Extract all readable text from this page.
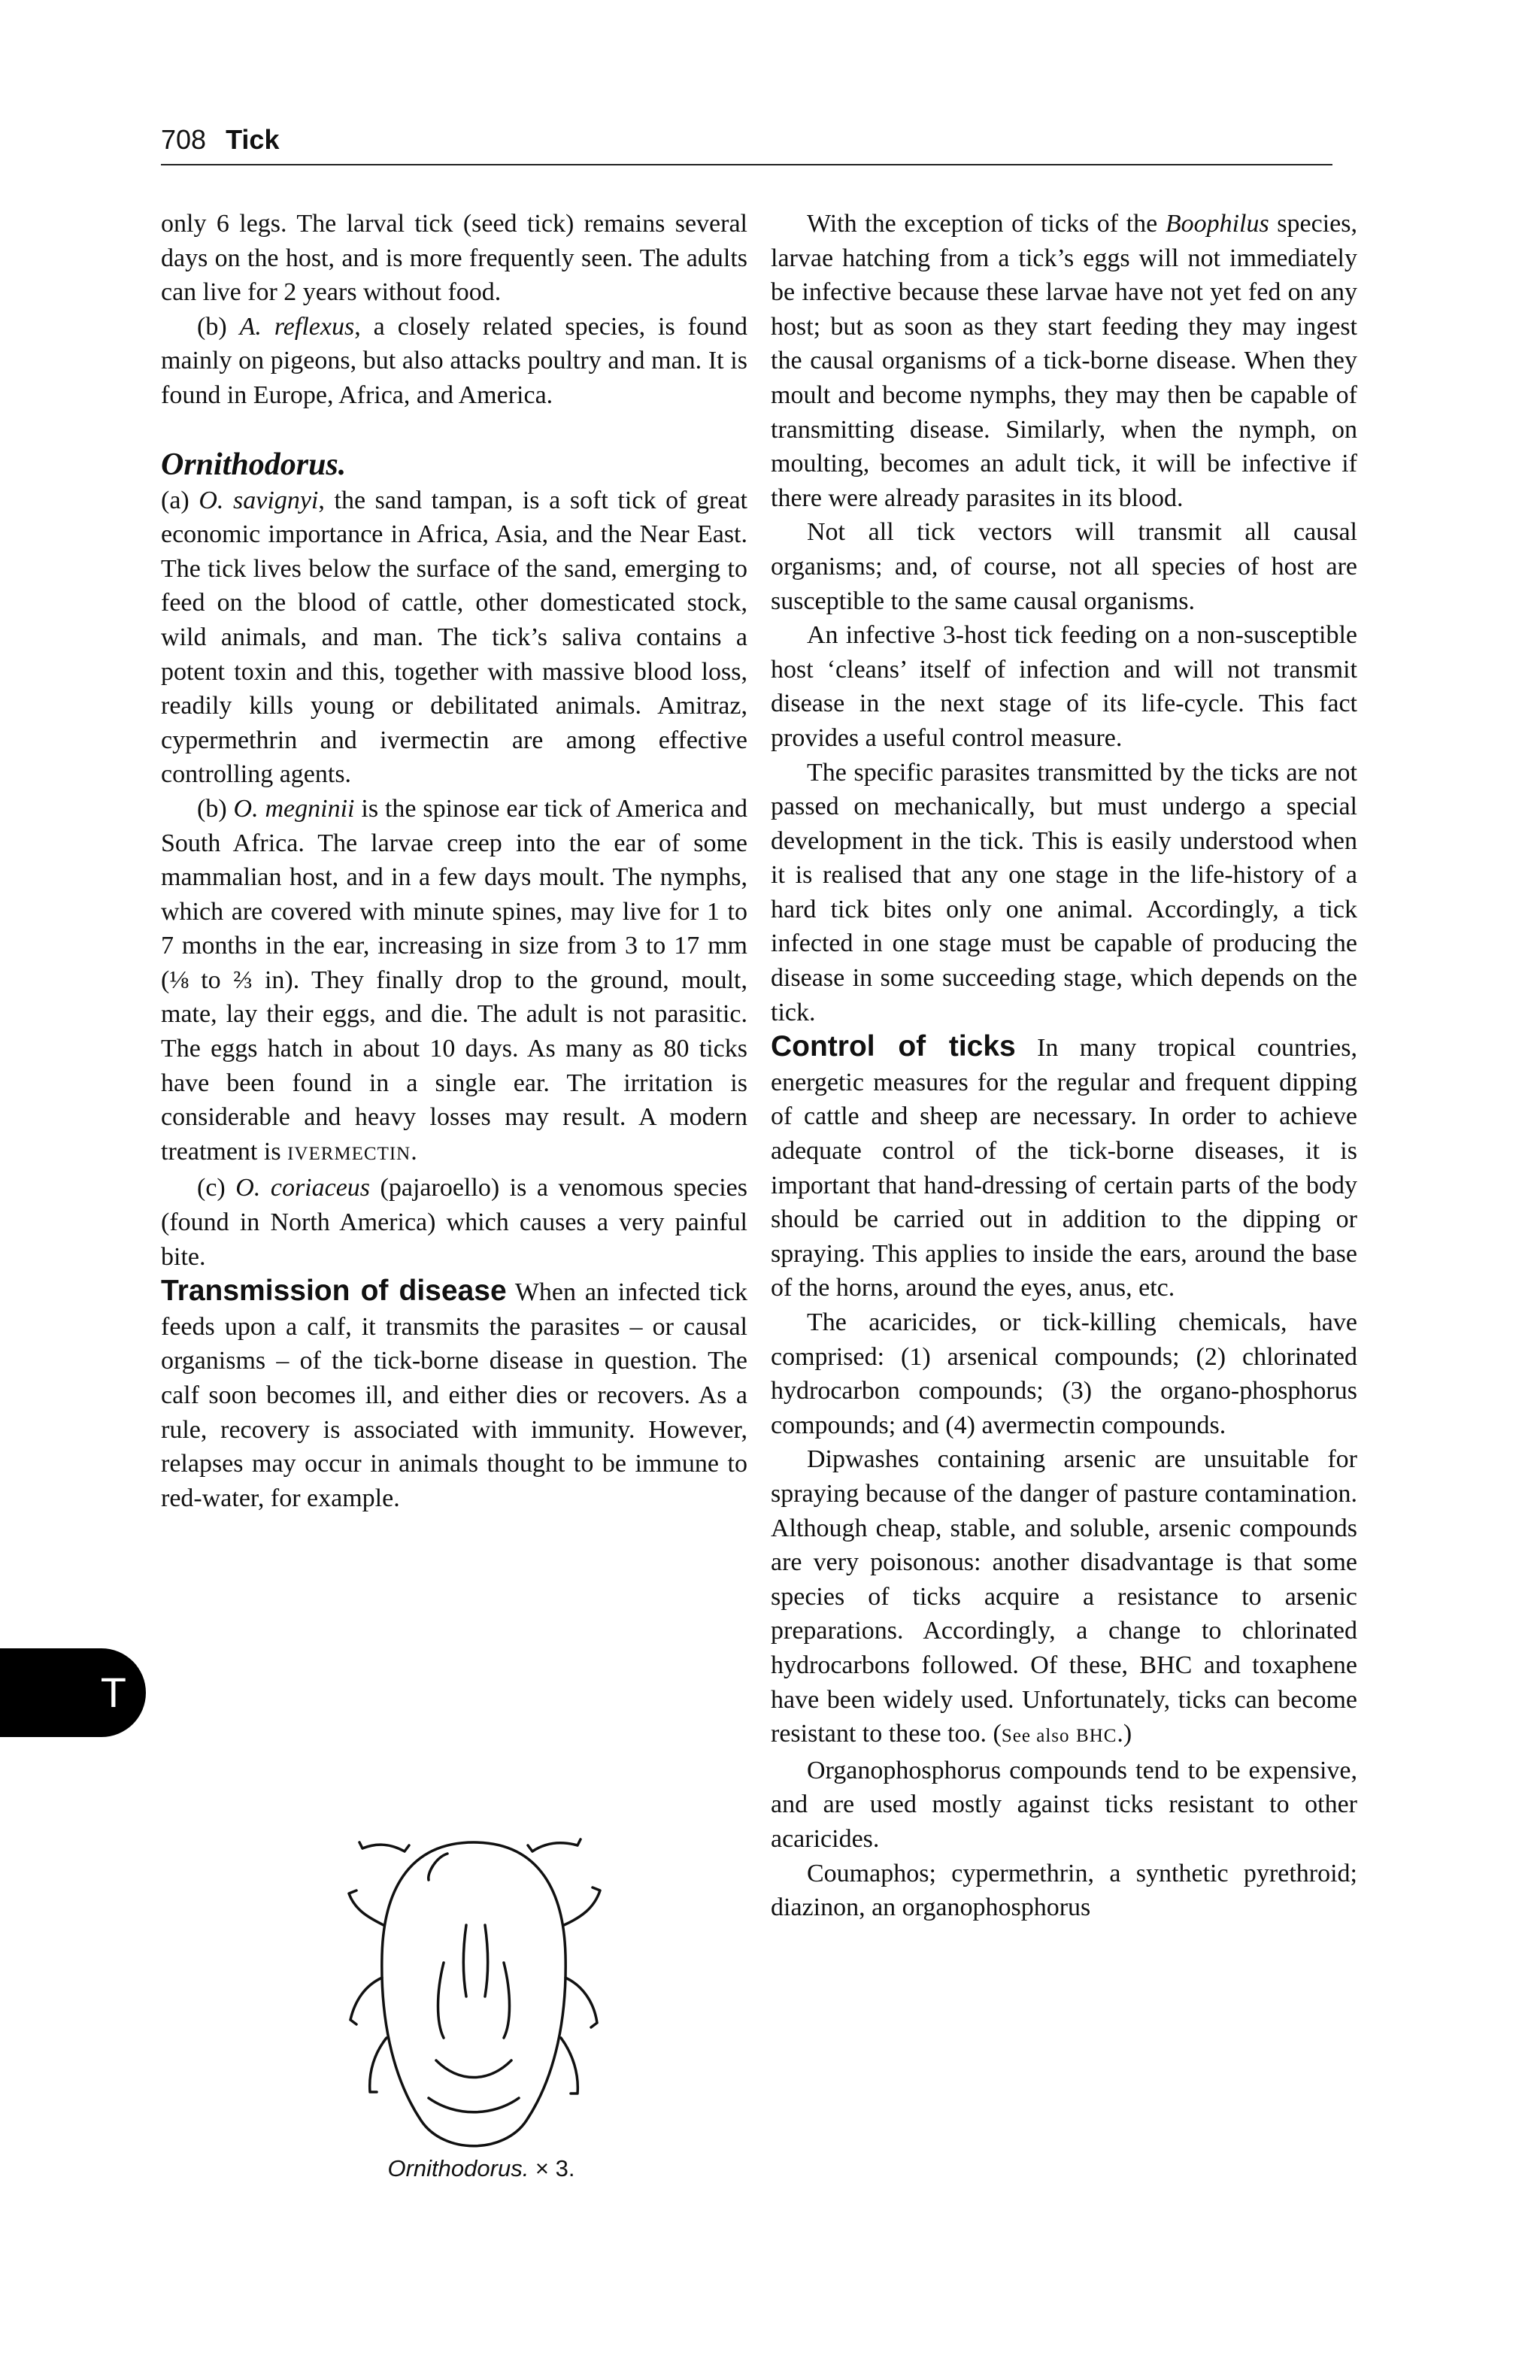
708 Tick

only 6 legs. The larval tick (seed tick) remains several days on the host, and is more frequently seen. The adults can live for 2 years without food.

(b) A. reflexus, a closely related species, is found mainly on pigeons, but also attacks poultry and man. It is found in Europe, Africa, and America.

Ornithodorus.

(a) O. savignyi, the sand tampan, is a soft tick of great economic importance in Africa, Asia, and the Near East. The tick lives below the surface of the sand, emerging to feed on the blood of cattle, other domesticated stock, wild animals, and man. The tick’s saliva contains a potent toxin and this, together with massive blood loss, readily kills young or debilitated animals. Amitraz, cypermethrin and ivermectin are among effective controlling agents.

(b) O. megninii is the spinose ear tick of America and South Africa. The larvae creep into the ear of some mammalian host, and in a few days moult. The nymphs, which are covered with minute spines, may live for 1 to 7 months in the ear, increasing in size from 3 to 17 mm (⅛ to ⅔ in). They finally drop to the ground, moult, mate, lay their eggs, and die. The adult is not parasitic. The eggs hatch in about 10 days. As many as 80 ticks have been found in a single ear. The irritation is considerable and heavy losses may result. A modern treatment is IVERMECTIN.

(c) O. coriaceus (pajaroello) is a venomous species (found in North America) which causes a very painful bite.

Transmission of disease When an infected tick feeds upon a calf, it transmits the parasites – or causal organisms – of the tick-borne disease in question. The calf soon becomes ill, and either dies or recovers. As a rule, recovery is associated with immunity. However, relapses may occur in animals thought to be immune to red-water, for example.

T
Ornithodorus. × 3.

With the exception of ticks of the Boophilus species, larvae hatching from a tick’s eggs will not immediately be infective because these larvae have not yet fed on any host; but as soon as they start feeding they may ingest the causal organisms of a tick-borne disease. When they moult and become nymphs, they may then be capable of transmitting disease. Similarly, when the nymph, on moulting, becomes an adult tick, it will be infective if there were already parasites in its blood.

Not all tick vectors will transmit all causal organisms; and, of course, not all species of host are susceptible to the same causal organisms.

An infective 3-host tick feeding on a non-susceptible host ‘cleans’ itself of infection and will not transmit disease in the next stage of its life-cycle. This fact provides a useful control measure.

The specific parasites transmitted by the ticks are not passed on mechanically, but must undergo a special development in the tick. This is easily understood when it is realised that any one stage in the life-history of a hard tick bites only one animal. Accordingly, a tick infected in one stage must be capable of producing the disease in some succeeding stage, which depends on the tick.

Control of ticks In many tropical countries, energetic measures for the regular and frequent dipping of cattle and sheep are necessary. In order to achieve adequate control of the tick-borne diseases, it is important that hand-dressing of certain parts of the body should be carried out in addition to the dipping or spraying. This applies to inside the ears, around the base of the horns, around the eyes, anus, etc.

The acaricides, or tick-killing chemicals, have comprised: (1) arsenical compounds; (2) chlorinated hydrocarbon compounds; (3) the organo-phosphorus compounds; and (4) avermectin compounds.

Dipwashes containing arsenic are unsuitable for spraying because of the danger of pasture contamination. Although cheap, stable, and soluble, arsenic compounds are very poisonous: another disadvantage is that some species of ticks acquire a resistance to arsenic preparations. Accordingly, a change to chlorinated hydrocarbons followed. Of these, BHC and toxaphene have been widely used. Unfortunately, ticks can become resistant to these too. (See also BHC.)

Organophosphorus compounds tend to be expensive, and are used mostly against ticks resistant to other acaricides.

Coumaphos; cypermethrin, a synthetic pyrethroid; diazinon, an organophosphorus
